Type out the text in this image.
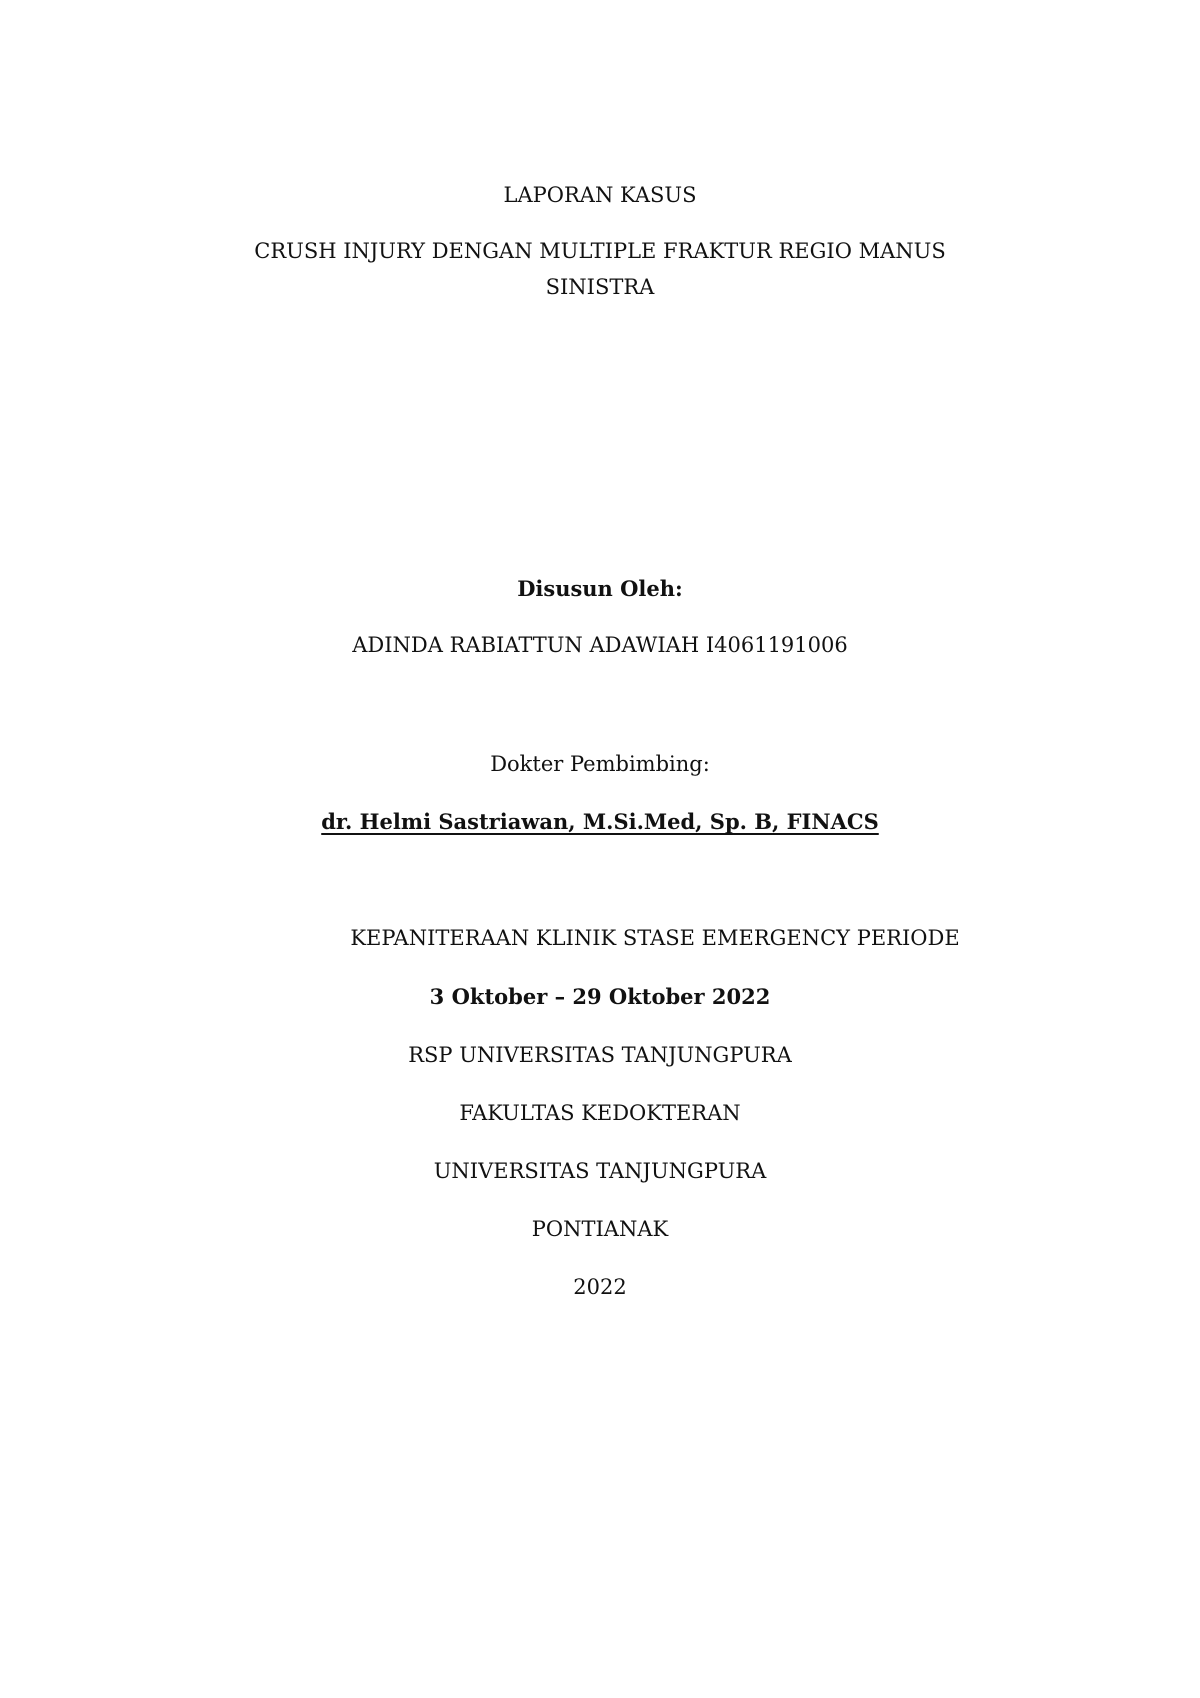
LAPORAN KASUS
CRUSH INJURY DENGAN MULTIPLE FRAKTUR REGIO MANUS
SINISTRA
Disusun Oleh:
ADINDA RABIATTUN ADAWIAH I4061191006
Dokter Pembimbing:
dr. Helmi Sastriawan, M.Si.Med, Sp. B, FINACS
KEPANITERAAN KLINIK STASE EMERGENCY PERIODE
3 Oktober – 29 Oktober 2022
RSP UNIVERSITAS TANJUNGPURA
FAKULTAS KEDOKTERAN
UNIVERSITAS TANJUNGPURA
PONTIANAK
2022
